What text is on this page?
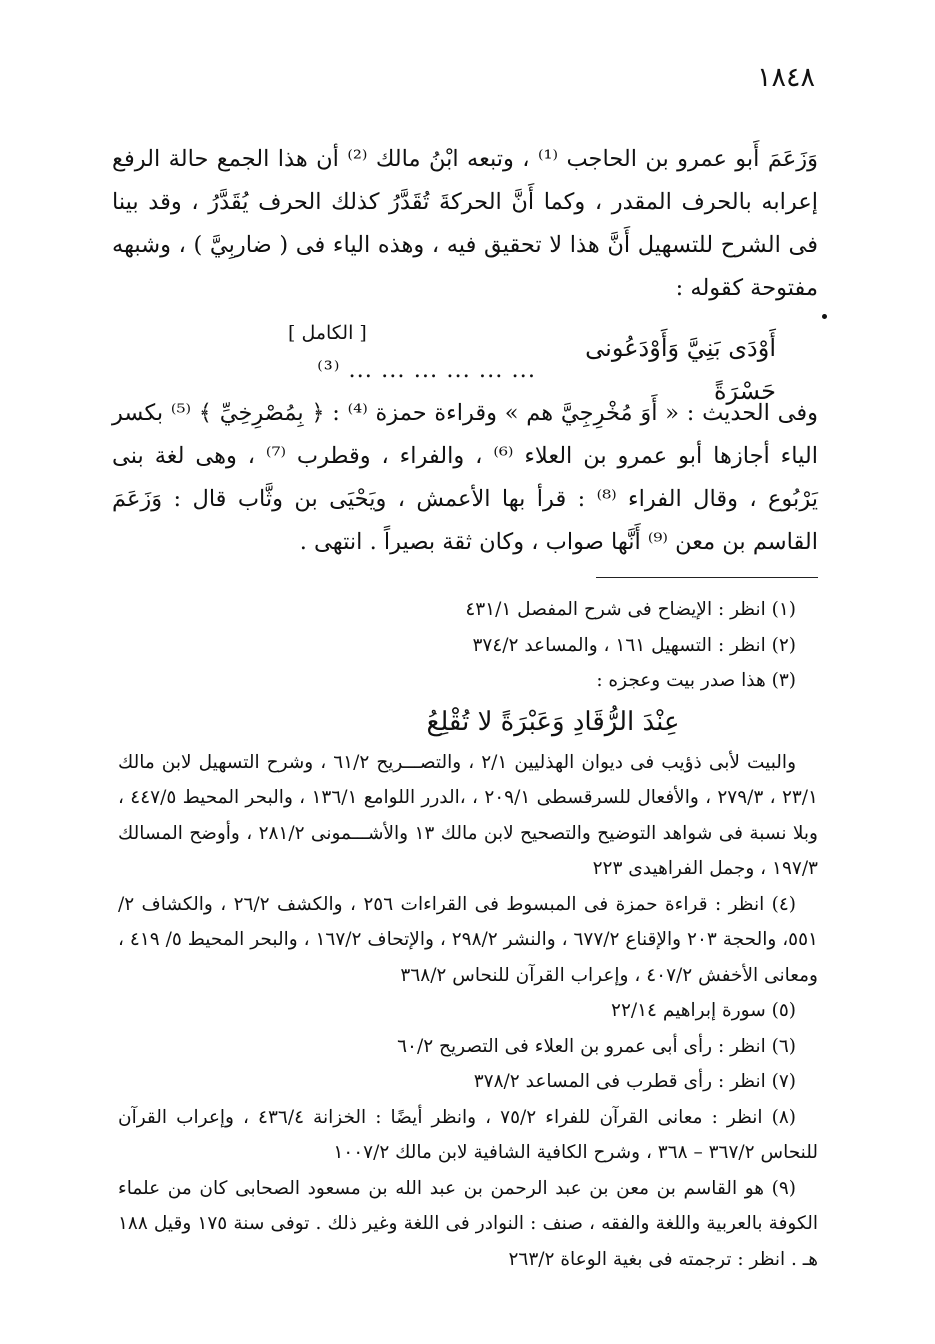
١٨٤٨

وَزَعَمَ أَبو عمرو بن الحاجب ⁽¹⁾ ، وتبعه ابْنُ مالك ⁽²⁾ أن هذا الجمع حالة الرفع إعرابه بالحرف المقدر ، وكما أَنَّ الحركةَ تُقَدَّرُ كذلك الحرف يُقَدَّرُ ، وقد بينا فى الشرح للتسهيل أَنَّ هذا لا تحقيق فيه ، وهذه الياء فى ( ضاربِيَّ ) ، وشبهه مفتوحة كقوله :

[ الكامل ]
أَوْدَى بَنِيَّ وَأَوْدَعُونى حَسْرَةً
... ... ... ... ... ... ⁽³⁾

وفى الحديث : « أَوَ مُخْرِجِيَّ هم » وقراءة حمزة ⁽⁴⁾ : ﴿ بِمُصْرِخِيِّ ﴾ ⁽⁵⁾ بكسر الياء أجازها أبو عمرو بن العلاء ⁽⁶⁾ ، والفراء ، وقطرب ⁽⁷⁾ ، وهى لغة بنى يَرْبُوع ، وقال الفراء ⁽⁸⁾ : قرأ بها الأعمش ، ويَحْيَى بن وثَّاب قال : وَزَعَمَ القاسم بن معن ⁽⁹⁾ أَنَّها صواب ، وكان ثقة بصيراً . انتهى .

(١) انظر : الإيضاح فى شرح المفصل ٤٣١/١

(٢) انظر : التسهيل ١٦١ ، والمساعد ٣٧٤/٢

(٣) هذا صدر بيت وعجزه :

عِنْدَ الرُّقَادِ وَعَبْرَةً لا تُقْلِعُ

والبيت لأبى ذؤيب فى ديوان الهذليين ٢/١ ، والتصـــريح ٦١/٢ ، وشرح التسهيل لابن مالك ٢٣/١ ، ٢٧٩/٣ ، والأفعال للسرقسطى ٢٠٩/١ ، ،الدرر اللوامع ١٣٦/١ ، والبحر المحيط ٤٤٧/٥ ، وبلا نسبة فى شواهد التوضيح والتصحيح لابن مالك ١٣ والأشـــمونى ٢٨١/٢ ، وأوضح المسالك ١٩٧/٣ ، وجمل الفراهيدى ٢٢٣

(٤) انظر : قراءة حمزة فى المبسوط فى القراءات ٢٥٦ ، والكشف ٢٦/٢ ، والكشاف ٢/ ٥٥١، والحجة ٢٠٣ والإقناع ٦٧٧/٢ ، والنشر ٢٩٨/٢ ، والإتحاف ١٦٧/٢ ، والبحر المحيط ٥/ ٤١٩ ، ومعانى الأخفش ٤٠٧/٢ ، وإعراب القرآن للنحاس ٣٦٨/٢

(٥) سورة إبراهيم ٢٢/١٤

(٦) انظر : رأى أبى عمرو بن العلاء فى التصريح ٦٠/٢

(٧) انظر : رأى قطرب فى المساعد ٣٧٨/٢

(٨) انظر : معانى القرآن للفراء ٧٥/٢ ، وانظر أيضًا : الخزانة ٤٣٦/٤ ، وإعراب القرآن للنحاس ٣٦٧/٢ – ٣٦٨ ، وشرح الكافية الشافية لابن مالك ١٠٠٧/٢

(٩) هو القاسم بن معن بن عبد الرحمن بن عبد الله بن مسعود الصحابى كان من علماء الكوفة بالعربية واللغة والفقه ، صنف : النوادر فى اللغة وغير ذلك . توفى سنة ١٧٥ وقيل ١٨٨ هـ . انظر : ترجمته فى بغية الوعاة ٢٦٣/٢
